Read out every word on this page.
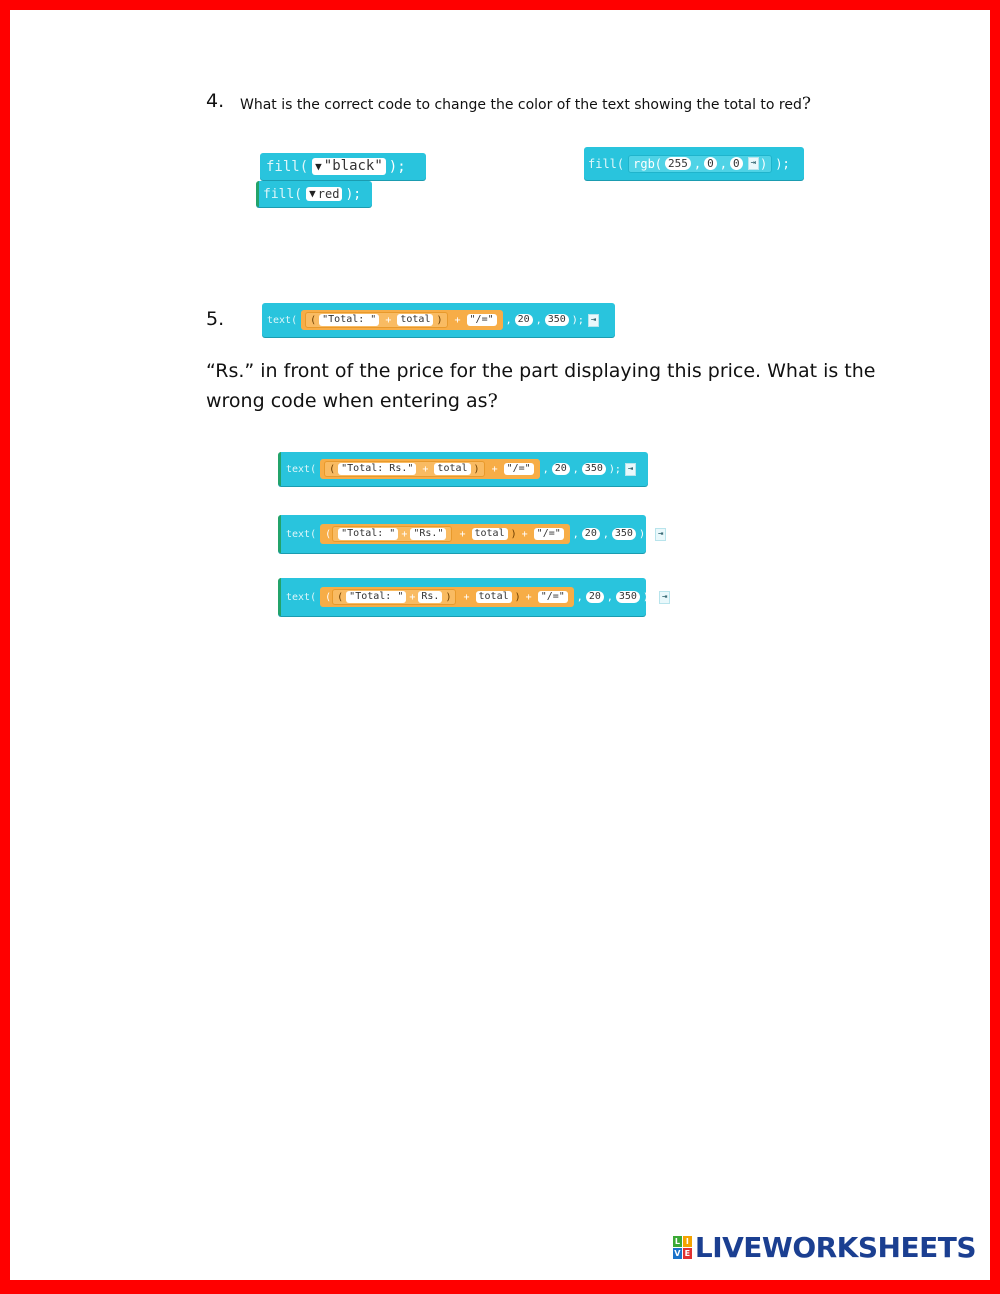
4. What is the correct code to change the color of the text showing the total to red?
fill( ▼ "black" );
fill( ▼ red );
fill( rgb( 255 , 0 , 0	⇥ ) );
5.	text( ( "Total: " + total ) + "/="	, 20 , 350 ); ⇥
“Rs.” in front of the price for the part displaying this price. What is the
wrong code when entering as?
text( ( "Total: Rs." + total ) + "/="	, 20 , 350 ); ⇥
text( (	"Total: " + "Rs."	+ total ) + "/="	, 20 , 350 ); ⇥
text( ( ( "Total: " + Rs. ) + total ) + "/="	, 20 , 350 ); ⇥
L I
V E LIVEWORKSHEETS
